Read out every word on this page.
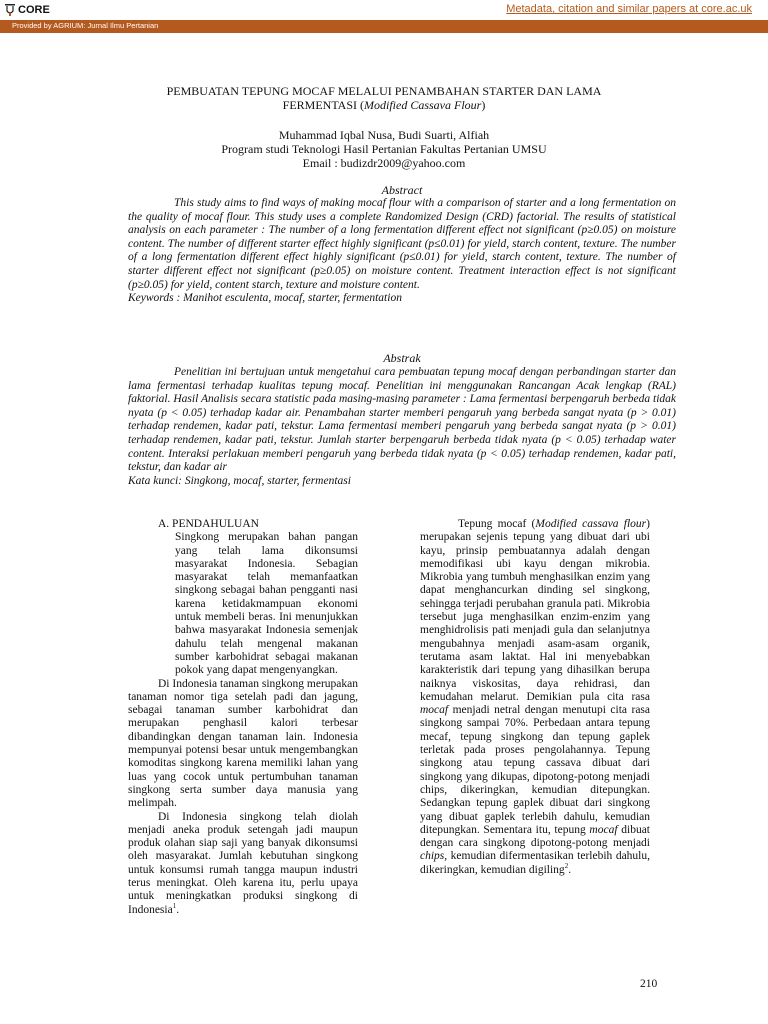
CORE	Metadata, citation and similar papers at core.ac.uk
Provided by AGRIUM: Jurnal Ilmu Pertanian
PEMBUATAN TEPUNG MOCAF MELALUI PENAMBAHAN STARTER DAN LAMA
FERMENTASI (Modified Cassava Flour)
Muhammad Iqbal Nusa, Budi Suarti, Alfiah
Program studi Teknologi Hasil Pertanian Fakultas Pertanian UMSU
Email : budizdr2009@yahoo.com
Abstract

This study aims to find ways of making mocaf flour with a comparison of starter and a long fermentation on the quality of mocaf flour. This study uses a complete Randomized Design (CRD) factorial. The results of statistical analysis on each parameter : The number of a long fermentation different effect not significant (p≥0.05) on moisture content. The number of different starter effect highly significant (p≤0.01) for yield, starch content, texture. The number of a long fermentation different effect highly significant (p≤0.01) for yield, starch content, texture. The number of starter different effect not significant (p≥0.05) on moisture content. Treatment interaction effect is not significant (p≥0.05) for yield, content starch, texture and moisture content.

Keywords : Manihot esculenta, mocaf, starter, fermentation

Abstrak

Penelitian ini bertujuan untuk mengetahui cara pembuatan tepung mocaf dengan perbandingan starter dan lama fermentasi terhadap kualitas tepung mocaf. Penelitian ini menggunakan Rancangan Acak lengkap (RAL) faktorial. Hasil Analisis secara statistic pada masing-masing parameter : Lama fermentasi berpengaruh berbeda tidak nyata (p < 0.05) terhadap kadar air. Penambahan starter memberi pengaruh yang berbeda sangat nyata (p > 0.01) terhadap rendemen, kadar pati, tekstur. Lama fermentasi memberi pengaruh yang berbeda sangat nyata (p > 0.01) terhadap rendemen, kadar pati, tekstur. Jumlah starter berpengaruh berbeda tidak nyata (p < 0.05) terhadap water content. Interaksi perlakuan memberi pengaruh yang berbeda tidak nyata (p < 0.05) terhadap rendemen, kadar pati, tekstur, dan kadar air

Kata kunci: Singkong, mocaf, starter, fermentasi

A. PENDAHULUAN

Singkong merupakan bahan pangan yang telah lama dikonsumsi masyarakat Indonesia. Sebagian masyarakat telah memanfaatkan singkong sebagai bahan pengganti nasi karena ketidakmampuan ekonomi untuk membeli beras. Ini menunjukkan bahwa masyarakat Indonesia semenjak dahulu telah mengenal makanan sumber karbohidrat sebagai makanan pokok yang dapat mengenyangkan.

Di Indonesia tanaman singkong merupakan tanaman nomor tiga setelah padi dan jagung, sebagai tanaman sumber karbohidrat dan merupakan penghasil kalori terbesar dibandingkan dengan tanaman lain. Indonesia mempunyai potensi besar untuk mengembangkan komoditas singkong karena memiliki lahan yang luas yang cocok untuk pertumbuhan tanaman singkong serta sumber daya manusia yang melimpah.

Di Indonesia singkong telah diolah menjadi aneka produk setengah jadi maupun produk olahan siap saji yang banyak dikonsumsi oleh masyarakat. Jumlah kebutuhan singkong untuk konsumsi rumah tangga maupun industri terus meningkat. Oleh karena itu, perlu upaya untuk meningkatkan produksi singkong di Indonesia$^1$.

Tepung mocaf (Modified cassava flour) merupakan sejenis tepung yang dibuat dari ubi kayu, prinsip pembuatannya adalah dengan memodifikasi ubi kayu dengan mikrobia. Mikrobia yang tumbuh menghasilkan enzim yang dapat menghancurkan dinding sel singkong, sehingga terjadi perubahan granula pati. Mikrobia tersebut juga menghasilkan enzim-enzim yang menghidrolisis pati menjadi gula dan selanjutnya mengubahnya menjadi asam-asam organik, terutama asam laktat. Hal ini menyebabkan karakteristik dari tepung yang dihasilkan berupa naiknya viskositas, daya rehidrasi, dan kemudahan melarut. Demikian pula cita rasa mocaf menjadi netral dengan menutupi cita rasa singkong sampai 70%. Perbedaan antara tepung mecaf, tepung singkong dan tepung gaplek terletak pada proses pengolahannya. Tepung singkong atau tepung cassava dibuat dari singkong yang dikupas, dipotong-potong menjadi chips, dikeringkan, kemudian ditepungkan. Sedangkan tepung gaplek dibuat dari singkong yang dibuat gaplek terlebih dahulu, kemudian ditepungkan. Sementara itu, tepung mocaf dibuat dengan cara singkong dipotong-potong menjadi chips, kemudian difermentasikan terlebih dahulu, dikeringkan, kemudian digiling$^2$.

210
